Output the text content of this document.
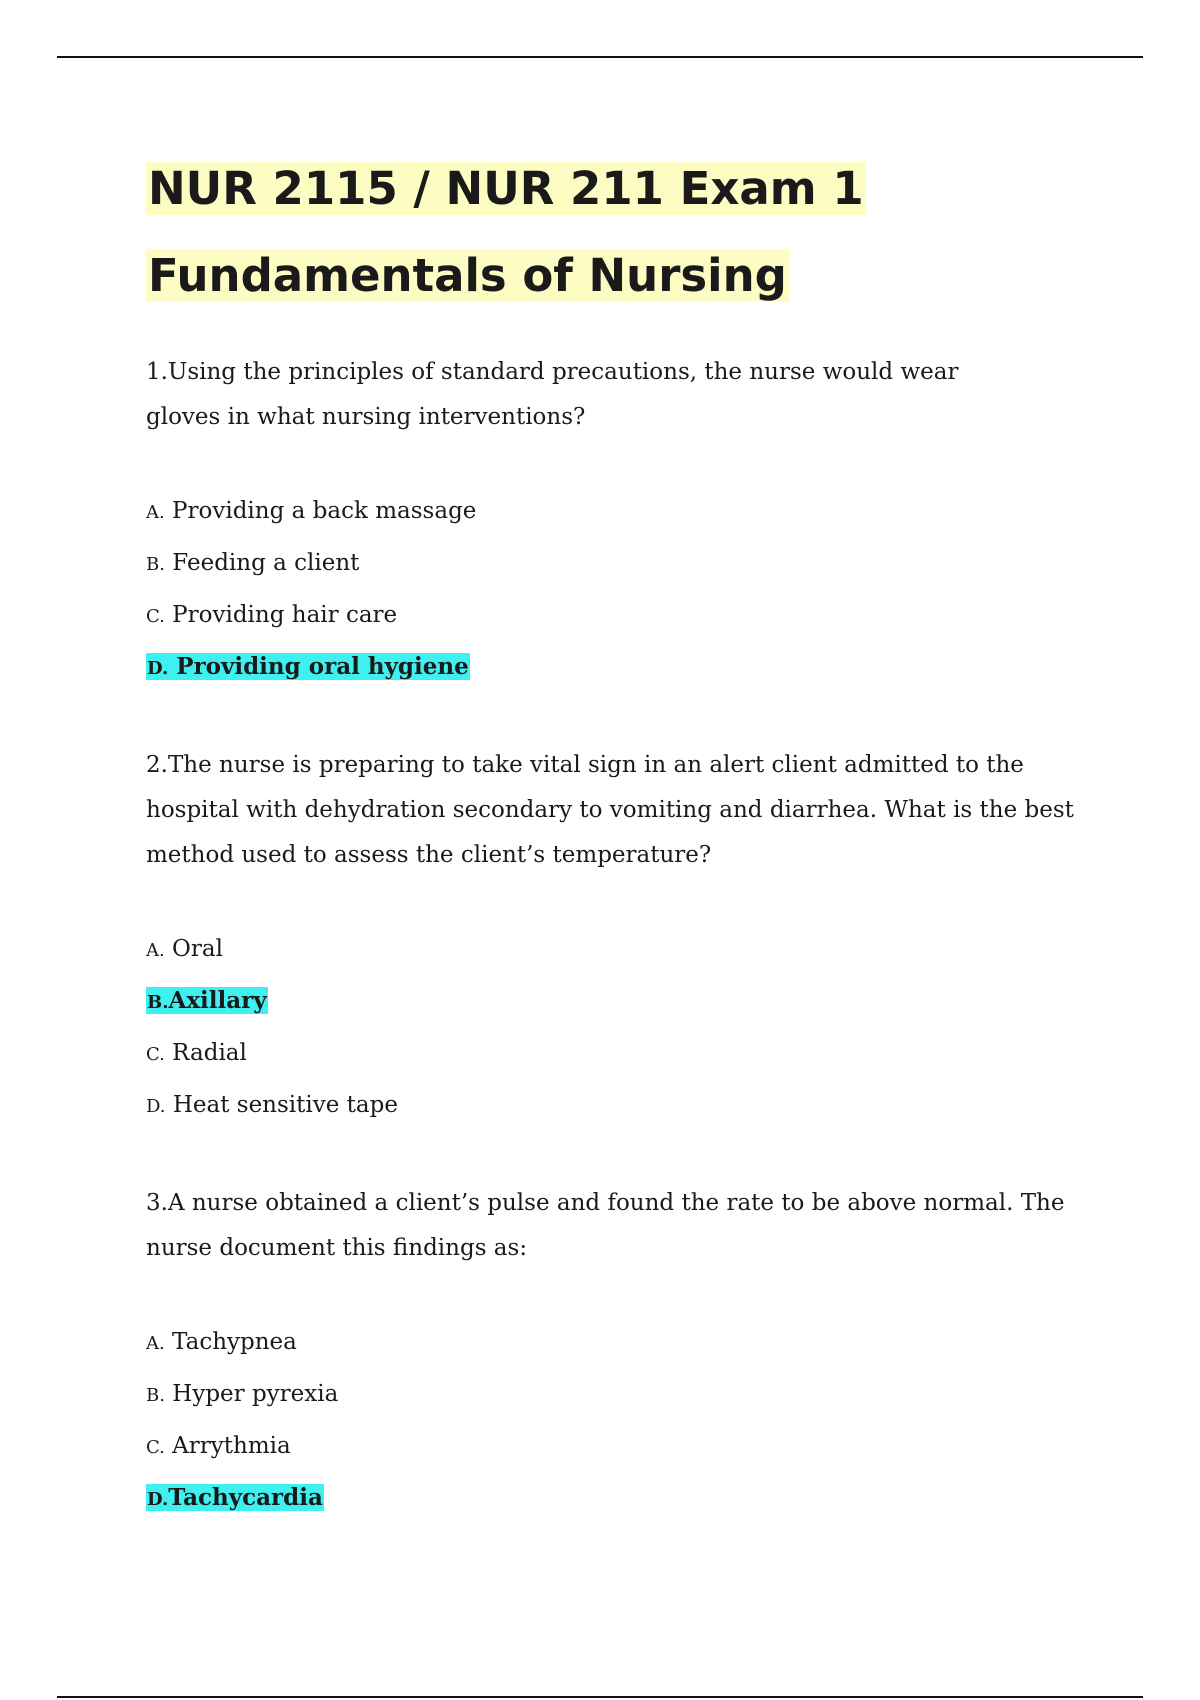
NUR 2115 / NUR 211 Exam 1
Fundamentals of Nursing

1.Using the principles of standard precautions, the nurse would wear
gloves in what nursing interventions?

A. Providing a back massage
B. Feeding a client
C. Providing hair care
D. Providing oral hygiene

2.The nurse is preparing to take vital sign in an alert client admitted to the
hospital with dehydration secondary to vomiting and diarrhea. What is the best
method used to assess the client’s temperature?

A. Oral
B.Axillary
C. Radial
D. Heat sensitive tape

3.A nurse obtained a client’s pulse and found the rate to be above normal. The
nurse document this findings as:

A. Tachypnea
B. Hyper pyrexia
C. Arrythmia
D.Tachycardia
